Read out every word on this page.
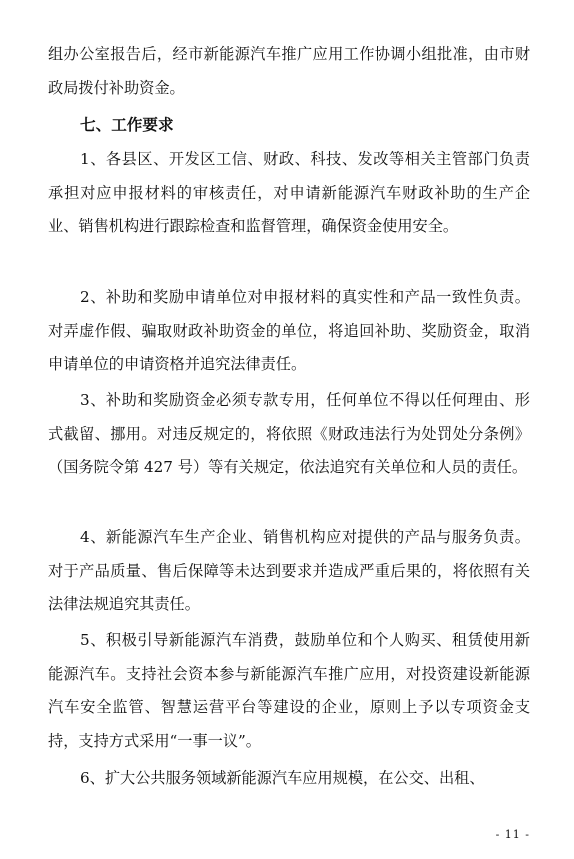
组办公室报告后，经市新能源汽车推广应用工作协调小组批准，由市财政局拨付补助资金。
七、工作要求
1、各县区、开发区工信、财政、科技、发改等相关主管部门负责承担对应申报材料的审核责任，对申请新能源汽车财政补助的生产企业、销售机构进行跟踪检查和监督管理，确保资金使用安全。
2、补助和奖励申请单位对申报材料的真实性和产品一致性负责。对弄虚作假、骗取财政补助资金的单位，将追回补助、奖励资金，取消申请单位的申请资格并追究法律责任。
3、补助和奖励资金必须专款专用，任何单位不得以任何理由、形式截留、挪用。对违反规定的，将依照《财政违法行为处罚处分条例》（国务院令第 427 号）等有关规定，依法追究有关单位和人员的责任。
4、新能源汽车生产企业、销售机构应对提供的产品与服务负责。对于产品质量、售后保障等未达到要求并造成严重后果的，将依照有关法律法规追究其责任。
5、积极引导新能源汽车消费，鼓励单位和个人购买、租赁使用新能源汽车。支持社会资本参与新能源汽车推广应用，对投资建设新能源汽车安全监管、智慧运营平台等建设的企业，原则上予以专项资金支持，支持方式采用“一事一议”。
6、扩大公共服务领域新能源汽车应用规模，在公交、出租、
- 11 -
